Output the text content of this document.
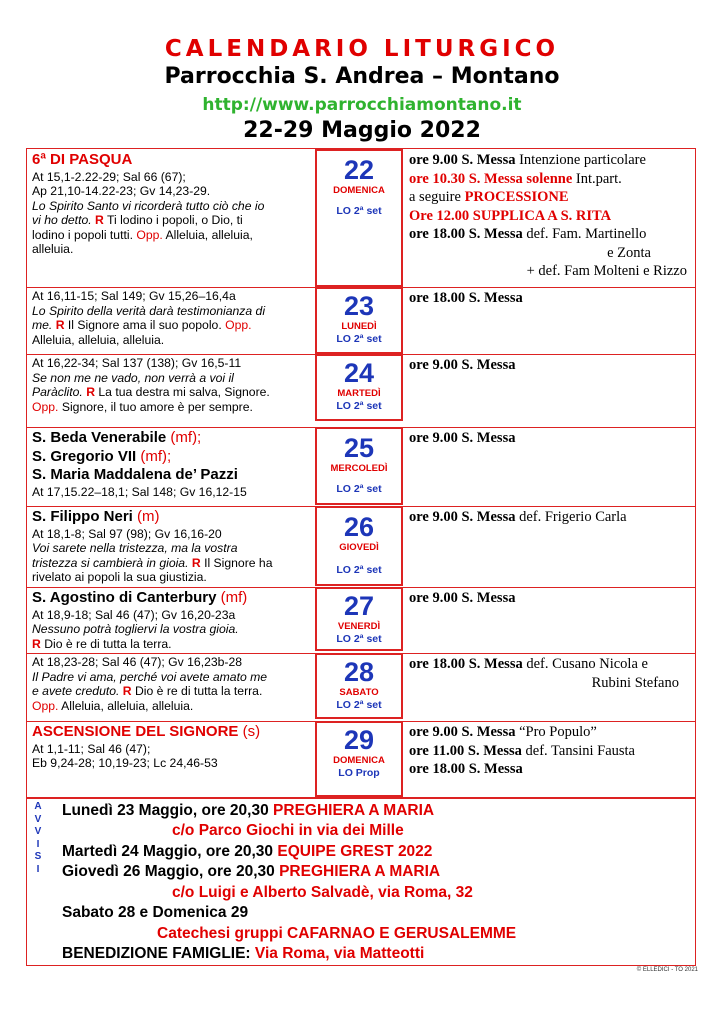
CALENDARIO LITURGICO
Parrocchia S. Andrea – Montano
http://www.parrocchiamontano.it
22-29 Maggio 2022
6ª DI PASQUA
At 15,1-2.22-29; Sal 66 (67);
Ap 21,10-14.22-23; Gv 14,23-29.
Lo Spirito Santo vi ricorderà tutto ciò che io
vi ho detto. R Ti lodino i popoli, o Dio, ti
lodino i popoli tutti. Opp. Alleluia, alleluia,
alleluia.
22
DOMENICA
LO 2ª set
ore 9.00 S. Messa Intenzione particolare
ore 10.30 S. Messa solenne Int.part.
a seguire PROCESSIONE
Ore 12.00 SUPPLICA A S. RITA
ore 18.00 S. Messa def. Fam. Martinello
e Zonta
+ def. Fam Molteni e Rizzo
At 16,11-15; Sal 149; Gv 15,26–16,4a
Lo Spirito della verità darà testimonianza di
me. R Il Signore ama il suo popolo. Opp.
Alleluia, alleluia, alleluia.
23
LUNEDÌ
LO 2ª set
ore 18.00 S. Messa
At 16,22-34; Sal 137 (138); Gv 16,5-11
Se non me ne vado, non verrà a voi il
Paràclito. R La tua destra mi salva, Signore.
Opp. Signore, il tuo amore è per sempre.
24
MARTEDÌ
LO 2ª set
ore 9.00 S. Messa
S. Beda Venerabile (mf);
S. Gregorio VII (mf);
S. Maria Maddalena de’ Pazzi
At 17,15.22–18,1; Sal 148; Gv 16,12-15
25
MERCOLEDÌ
LO 2ª set
ore 9.00 S. Messa
S. Filippo Neri (m)
At 18,1-8; Sal 97 (98); Gv 16,16-20
Voi sarete nella tristezza, ma la vostra
tristezza si cambierà in gioia. R Il Signore ha
rivelato ai popoli la sua giustizia.
26
GIOVEDÌ
LO 2ª set
ore 9.00 S. Messa def. Frigerio Carla
S. Agostino di Canterbury (mf)
At 18,9-18; Sal 46 (47); Gv 16,20-23a
Nessuno potrà togliervi la vostra gioia.
R Dio è re di tutta la terra.
27
VENERDÌ
LO 2ª set
ore 9.00 S. Messa
At 18,23-28; Sal 46 (47); Gv 16,23b-28
Il Padre vi ama, perché voi avete amato me
e avete creduto. R Dio è re di tutta la terra.
Opp. Alleluia, alleluia, alleluia.
28
SABATO
LO 2ª set
ore 18.00 S. Messa def. Cusano Nicola e
Rubini Stefano
ASCENSIONE DEL SIGNORE (s)
At 1,1-11; Sal 46 (47);
Eb 9,24-28; 10,19-23; Lc 24,46-53
29
DOMENICA
LO Prop
ore 9.00 S. Messa “Pro Populo”
ore 11.00 S. Messa def. Tansini Fausta
ore 18.00 S. Messa
A
V
V
I
S
I
Lunedì 23 Maggio, ore 20,30 PREGHIERA A MARIA
c/o Parco Giochi in via dei Mille
Martedì 24 Maggio, ore 20,30 EQUIPE GREST 2022
Giovedì 26 Maggio, ore 20,30 PREGHIERA A MARIA
c/o Luigi e Alberto Salvadè, via Roma, 32
Sabato 28 e Domenica 29
Catechesi gruppi CAFARNAO E GERUSALEMME
BENEDIZIONE FAMIGLIE: Via Roma, via Matteotti
© ELLEDICI - TO 2021
